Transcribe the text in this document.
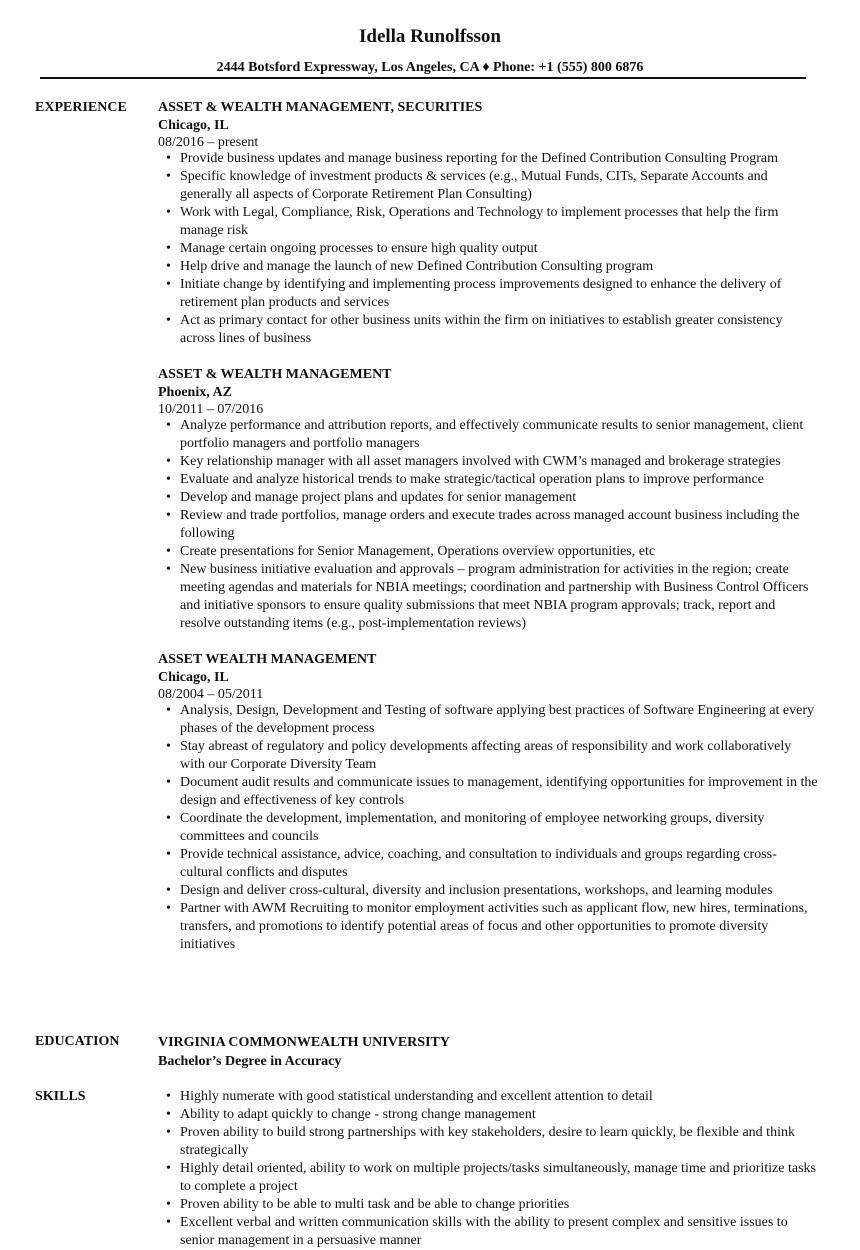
Idella Runolfsson
2444 Botsford Expressway, Los Angeles, CA ♦ Phone: +1 (555) 800 6876
EXPERIENCE ASSET & WEALTH MANAGEMENT, SECURITIES
Chicago, IL
08/2016 – present
• Provide business updates and manage business reporting for the Defined Contribution Consulting Program
• Specific knowledge of investment products & services (e.g., Mutual Funds, CITs, Separate Accounts and generally all aspects of Corporate Retirement Plan Consulting)
• Work with Legal, Compliance, Risk, Operations and Technology to implement processes that help the firm manage risk
• Manage certain ongoing processes to ensure high quality output
• Help drive and manage the launch of new Defined Contribution Consulting program
• Initiate change by identifying and implementing process improvements designed to enhance the delivery of retirement plan products and services
• Act as primary contact for other business units within the firm on initiatives to establish greater consistency across lines of business
ASSET & WEALTH MANAGEMENT
Phoenix, AZ
10/2011 – 07/2016
• Analyze performance and attribution reports, and effectively communicate results to senior management, client portfolio managers and portfolio managers
• Key relationship manager with all asset managers involved with CWM’s managed and brokerage strategies
• Evaluate and analyze historical trends to make strategic/tactical operation plans to improve performance
• Develop and manage project plans and updates for senior management
• Review and trade portfolios, manage orders and execute trades across managed account business including the following
• Create presentations for Senior Management, Operations overview opportunities, etc
• New business initiative evaluation and approvals – program administration for activities in the region; create meeting agendas and materials for NBIA meetings; coordination and partnership with Business Control Officers and initiative sponsors to ensure quality submissions that meet NBIA program approvals; track, report and resolve outstanding items (e.g., post-implementation reviews)
ASSET WEALTH MANAGEMENT
Chicago, IL
08/2004 – 05/2011
• Analysis, Design, Development and Testing of software applying best practices of Software Engineering at every phases of the development process
• Stay abreast of regulatory and policy developments affecting areas of responsibility and work collaboratively with our Corporate Diversity Team
• Document audit results and communicate issues to management, identifying opportunities for improvement in the design and effectiveness of key controls
• Coordinate the development, implementation, and monitoring of employee networking groups, diversity committees and councils
• Provide technical assistance, advice, coaching, and consultation to individuals and groups regarding cross-cultural conflicts and disputes
• Design and deliver cross-cultural, diversity and inclusion presentations, workshops, and learning modules
• Partner with AWM Recruiting to monitor employment activities such as applicant flow, new hires, terminations, transfers, and promotions to identify potential areas of focus and other opportunities to promote diversity initiatives
EDUCATION	VIRGINIA COMMONWEALTH UNIVERSITY
Bachelor’s Degree in Accuracy
SKILLS
•	Highly numerate with good statistical understanding and excellent attention to detail
• Ability to adapt quickly to change - strong change management
• Proven ability to build strong partnerships with key stakeholders, desire to learn quickly, be flexible and think strategically
• Highly detail oriented, ability to work on multiple projects/tasks simultaneously, manage time and prioritize tasks to complete a project
• Proven ability to be able to multi task and be able to change priorities
• Excellent verbal and written communication skills with the ability to present complex and sensitive issues to senior management in a persuasive manner
